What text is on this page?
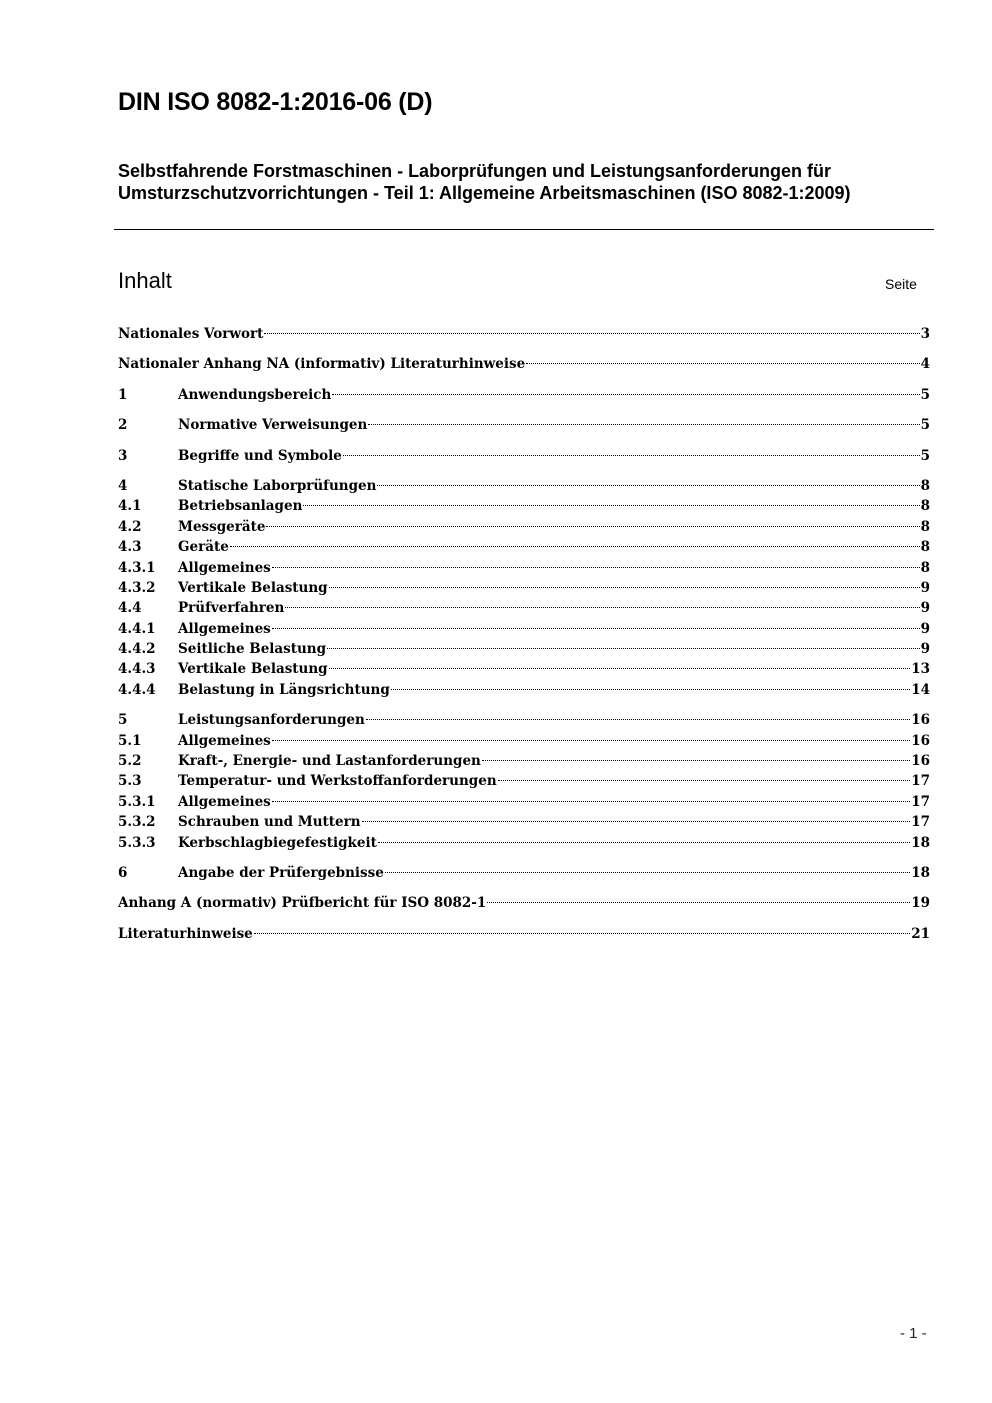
DIN ISO 8082-1:2016-06 (D)
Selbstfahrende Forstmaschinen - Laborprüfungen und Leistungsanforderungen für Umsturzschutzvorrichtungen - Teil 1: Allgemeine Arbeitsmaschinen (ISO 8082-1:2009)
Inhalt	Seite
Nationales Vorwort	3
Nationaler Anhang NA (informativ) Literaturhinweise	4
1	Anwendungsbereich	5
2	Normative Verweisungen	5
3	Begriffe und Symbole	5
4	Statische Laborprüfungen	8
4.1	Betriebsanlagen	8
4.2	Messgeräte	8
4.3	Geräte	8
4.3.1	Allgemeines	8
4.3.2	Vertikale Belastung	9
4.4	Prüfverfahren	9
4.4.1	Allgemeines	9
4.4.2	Seitliche Belastung	9
4.4.3	Vertikale Belastung	13
4.4.4	Belastung in Längsrichtung	14
5	Leistungsanforderungen	16
5.1	Allgemeines	16
5.2	Kraft-, Energie- und Lastanforderungen	16
5.3	Temperatur- und Werkstoffanforderungen	17
5.3.1	Allgemeines	17
5.3.2	Schrauben und Muttern	17
5.3.3	Kerbschlagbiegefestigkeit	18
6	Angabe der Prüfergebnisse	18
Anhang A (normativ) Prüfbericht für ISO 8082-1	19
Literaturhinweise	21
- 1 -
